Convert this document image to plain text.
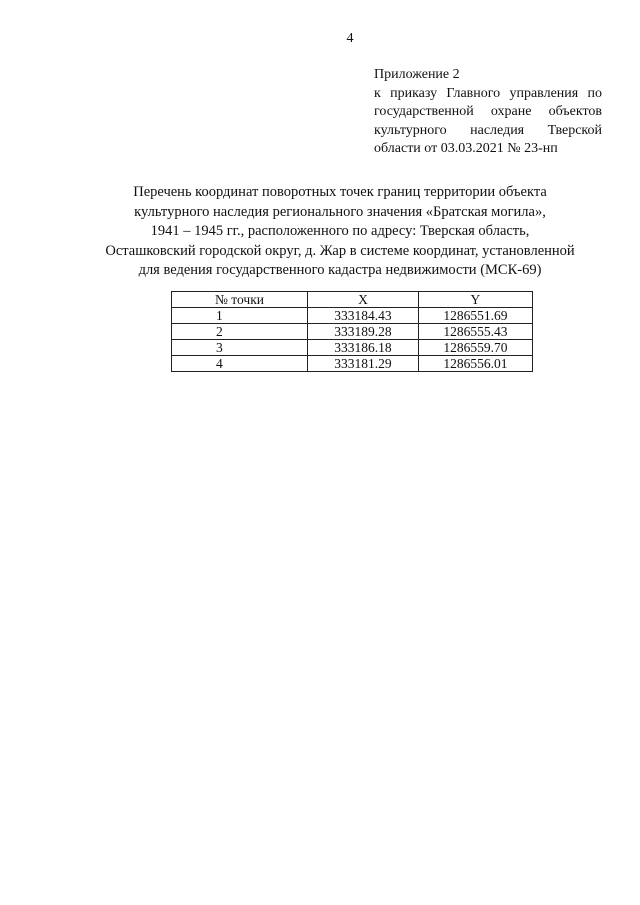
4
Приложение 2
к приказу Главного управления по
государственной охране объектов
культурного наследия Тверской
области от 03.03.2021 № 23-нп
Перечень координат поворотных точек границ территории объекта
культурного наследия регионального значения «Братская могила»,
1941 – 1945 гг., расположенного по адресу: Тверская область,
Осташковский городской округ, д. Жар в системе координат, установленной
для ведения государственного кадастра недвижимости (МСК-69)
№ точки	X	Y
1	333184.43	1286551.69
2	333189.28	1286555.43
3	333186.18	1286559.70
4	333181.29	1286556.01
